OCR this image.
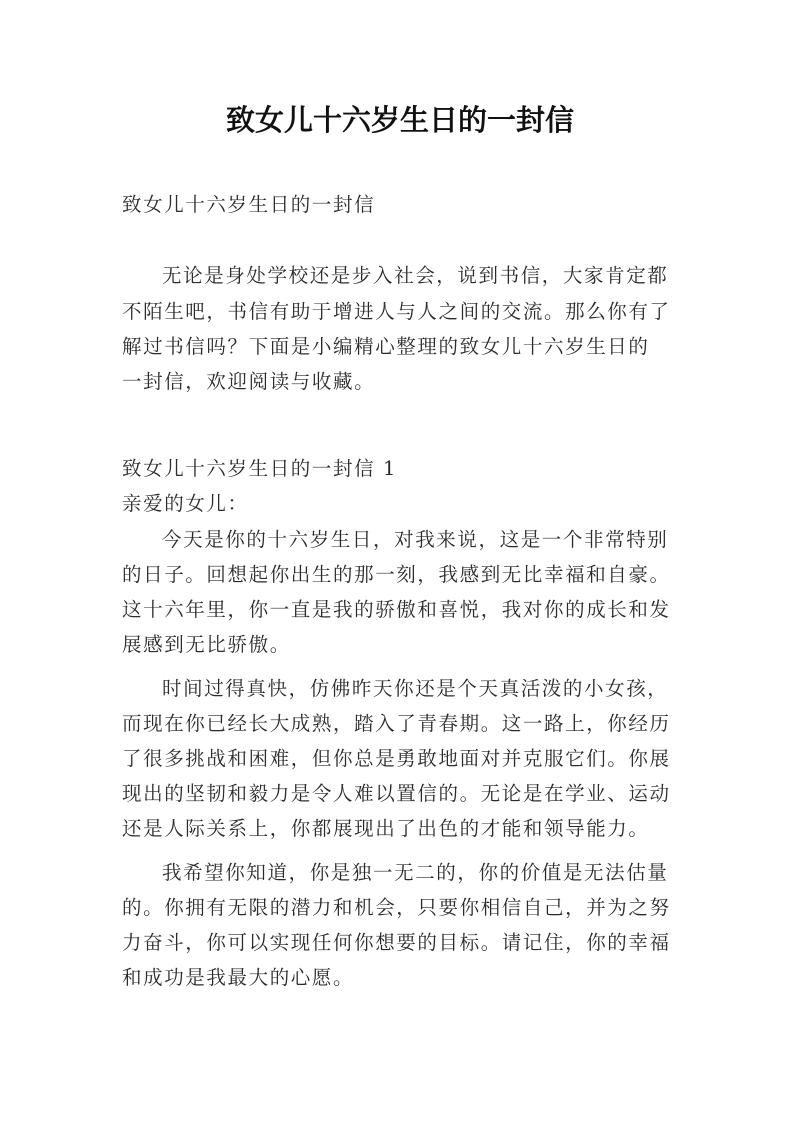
致女儿十六岁生日的一封信
致女儿十六岁生日的一封信
无论是身处学校还是步入社会，说到书信，大家肯定都
不陌生吧，书信有助于增进人与人之间的交流。那么你有了
解过书信吗？下面是小编精心整理的致女儿十六岁生日的
一封信，欢迎阅读与收藏。
致女儿十六岁生日的一封信 1
亲爱的女儿：
今天是你的十六岁生日，对我来说，这是一个非常特别
的日子。回想起你出生的那一刻，我感到无比幸福和自豪。
这十六年里，你一直是我的骄傲和喜悦，我对你的成长和发
展感到无比骄傲。
时间过得真快，仿佛昨天你还是个天真活泼的小女孩，
而现在你已经长大成熟，踏入了青春期。这一路上，你经历
了很多挑战和困难，但你总是勇敢地面对并克服它们。你展
现出的坚韧和毅力是令人难以置信的。无论是在学业、运动
还是人际关系上，你都展现出了出色的才能和领导能力。
我希望你知道，你是独一无二的，你的价值是无法估量
的。你拥有无限的潜力和机会，只要你相信自己，并为之努
力奋斗，你可以实现任何你想要的目标。请记住，你的幸福
和成功是我最大的心愿。
